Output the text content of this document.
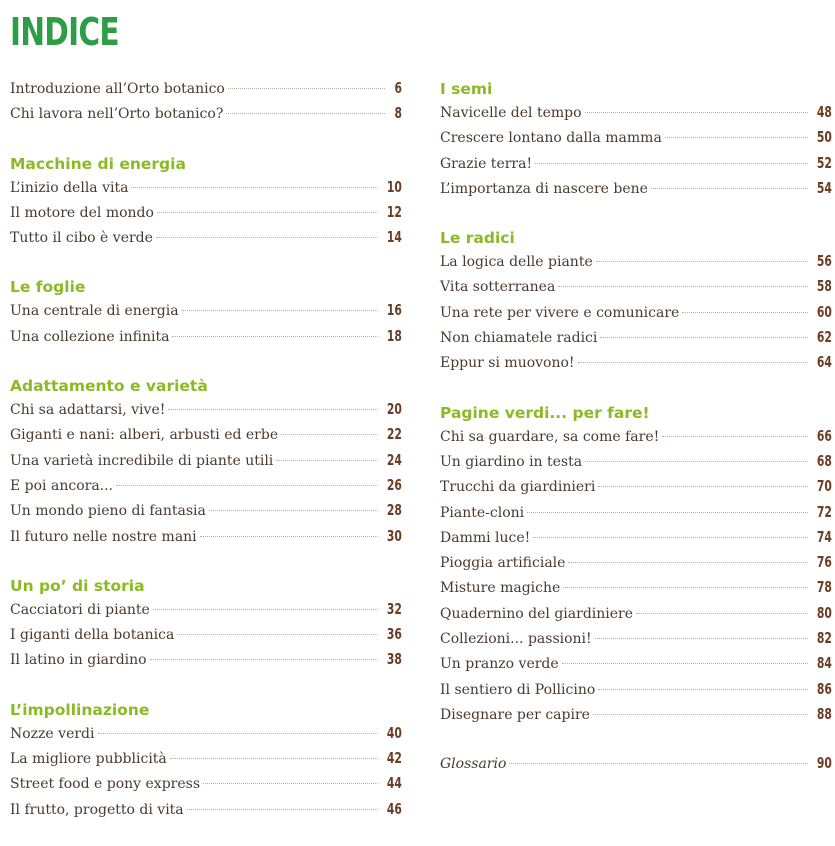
INDICE
Introduzione all’Orto botanico	6
Chi lavora nell’Orto botanico?	8
Macchine di energia
L’inizio della vita	10
Il motore del mondo	12
Tutto il cibo è verde	14
Le foglie
Una centrale di energia	16
Una collezione infinita	18
Adattamento e varietà
Chi sa adattarsi, vive!	20
Giganti e nani: alberi, arbusti ed erbe	22
Una varietà incredibile di piante utili	24
E poi ancora...	26
Un mondo pieno di fantasia	28
Il futuro nelle nostre mani	30
Un po’ di storia
Cacciatori di piante	32
I giganti della botanica	36
Il latino in giardino	38
L’impollinazione
Nozze verdi	40
La migliore pubblicità	42
Street food e pony express	44
Il frutto, progetto di vita	46
I semi
Navicelle del tempo	48
Crescere lontano dalla mamma	50
Grazie terra!	52
L’importanza di nascere bene	54
Le radici
La logica delle piante	56
Vita sotterranea	58
Una rete per vivere e comunicare	60
Non chiamatele radici	62
Eppur si muovono!	64
Pagine verdi... per fare!
Chi sa guardare, sa come fare!	66
Un giardino in testa	68
Trucchi da giardinieri	70
Piante-cloni	72
Dammi luce!	74
Pioggia artificiale	76
Misture magiche	78
Quadernino del giardiniere	80
Collezioni... passioni!	82
Un pranzo verde	84
Il sentiero di Pollicino	86
Disegnare per capire	88
Glossario	90
